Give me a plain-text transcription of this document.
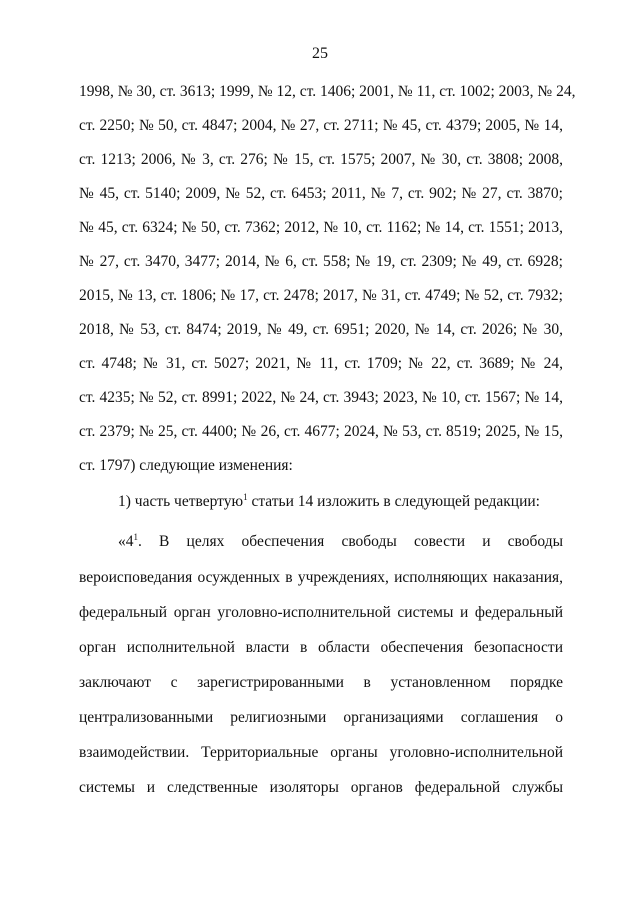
25
1998, № 30, ст. 3613; 1999, № 12, ст. 1406; 2001, № 11, ст. 1002; 2003, № 24,
ст. 2250; № 50, ст. 4847; 2004, № 27, ст. 2711; № 45, ст. 4379; 2005, № 14,
ст. 1213; 2006, № 3, ст. 276; № 15, ст. 1575; 2007, № 30, ст. 3808; 2008,
№ 45, ст. 5140; 2009, № 52, ст. 6453; 2011, № 7, ст. 902; № 27, ст. 3870;
№ 45, ст. 6324; № 50, ст. 7362; 2012, № 10, ст. 1162; № 14, ст. 1551; 2013,
№ 27, ст. 3470, 3477; 2014, № 6, ст. 558; № 19, ст. 2309; № 49, ст. 6928;
2015, № 13, ст. 1806; № 17, ст. 2478; 2017, № 31, ст. 4749; № 52, ст. 7932;
2018, № 53, ст. 8474; 2019, № 49, ст. 6951; 2020, № 14, ст. 2026; № 30,
ст. 4748; № 31, ст. 5027; 2021, № 11, ст. 1709; № 22, ст. 3689; № 24,
ст. 4235; № 52, ст. 8991; 2022, № 24, ст. 3943; 2023, № 10, ст. 1567; № 14,
ст. 2379; № 25, ст. 4400; № 26, ст. 4677; 2024, № 53, ст. 8519; 2025, № 15,
ст. 1797) следующие изменения:
1) часть четвертую$^1$ статьи 14 изложить в следующей редакции:
«$4^1$. В целях обеспечения свободы совести и свободы
вероисповедания осужденных в учреждениях, исполняющих наказания,
федеральный орган уголовно-исполнительной системы и федеральный
орган исполнительной власти в области обеспечения безопасности
заключают с зарегистрированными в установленном порядке
централизованными религиозными организациями соглашения о
взаимодействии. Территориальные органы уголовно-исполнительной
системы и следственные изоляторы органов федеральной службы
